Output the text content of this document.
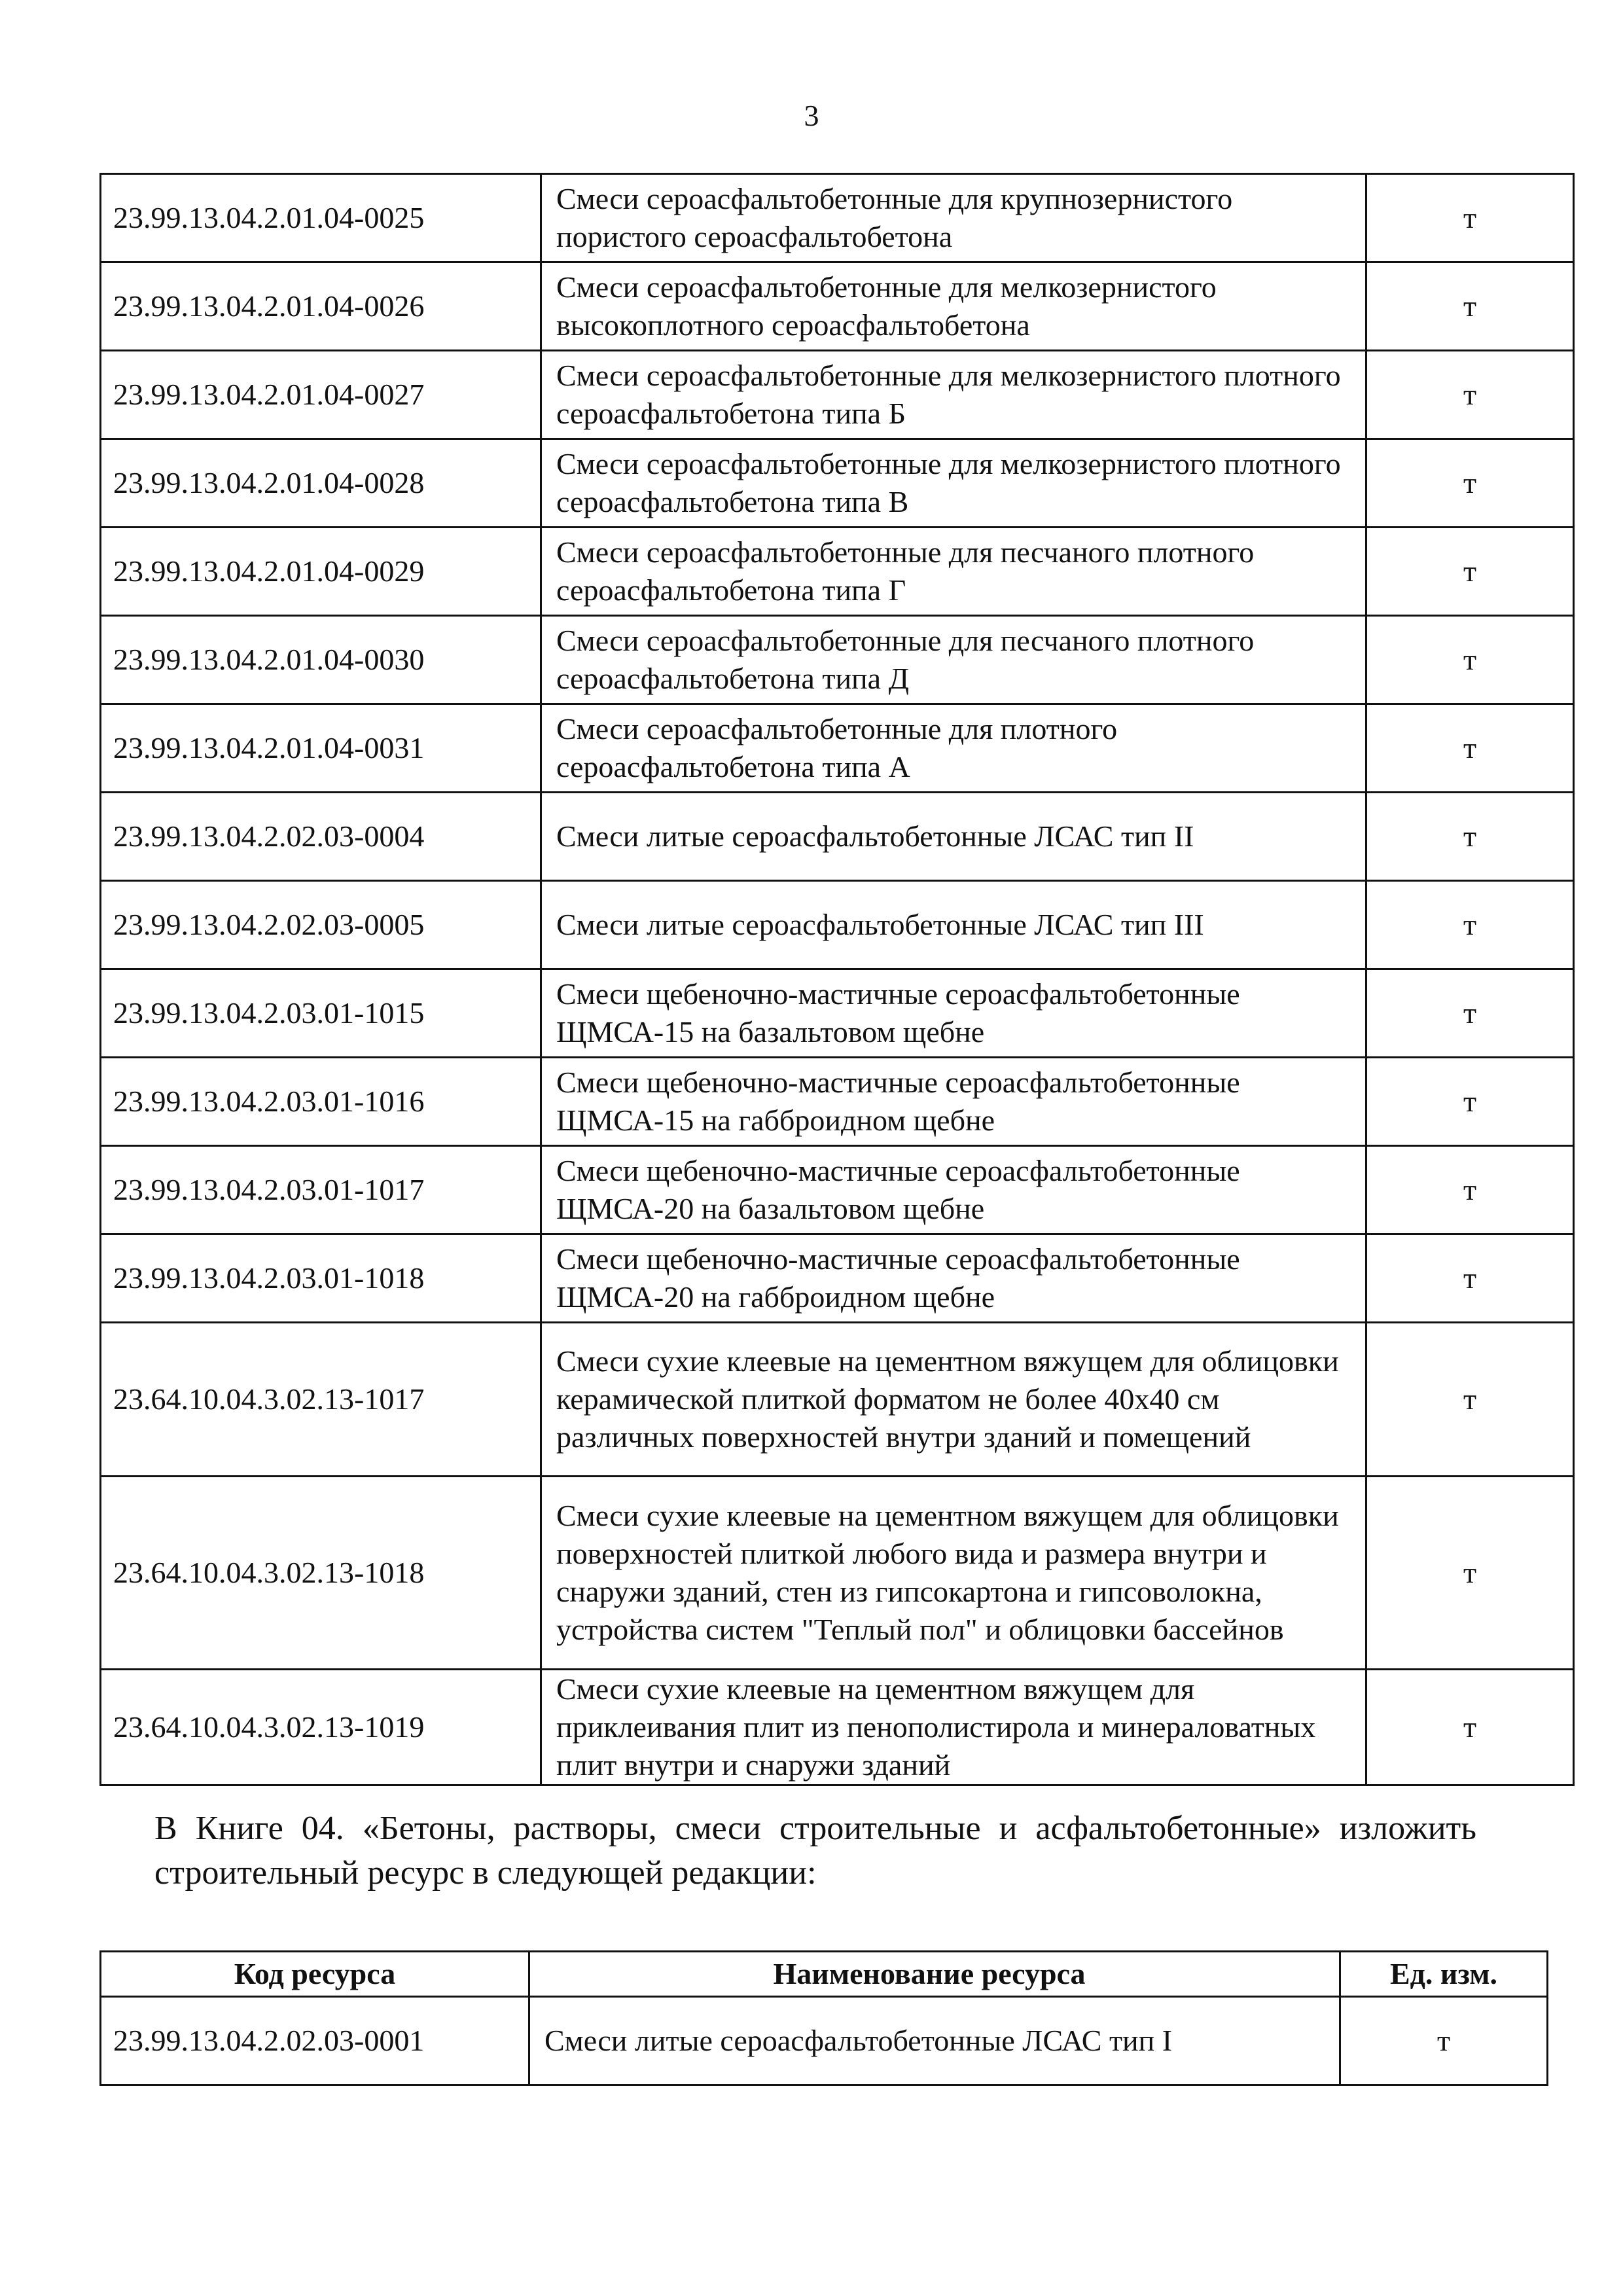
3
23.99.13.04.2.01.04-0025	Смеси сероасфальтобетонные для крупнозернистого пористого сероасфальтобетона	т
23.99.13.04.2.01.04-0026	Смеси сероасфальтобетонные для мелкозернистого высокоплотного сероасфальтобетона	т
23.99.13.04.2.01.04-0027	Смеси сероасфальтобетонные для мелкозернистого плотного сероасфальтобетона типа Б	т
23.99.13.04.2.01.04-0028	Смеси сероасфальтобетонные для мелкозернистого плотного сероасфальтобетона типа В	т
23.99.13.04.2.01.04-0029	Смеси сероасфальтобетонные для песчаного плотного сероасфальтобетона типа Г	т
23.99.13.04.2.01.04-0030	Смеси сероасфальтобетонные для песчаного плотного сероасфальтобетона типа Д	т
23.99.13.04.2.01.04-0031	Смеси сероасфальтобетонные для плотного сероасфальтобетона типа А	т
23.99.13.04.2.02.03-0004	Смеси литые сероасфальтобетонные ЛСАС тип II	т
23.99.13.04.2.02.03-0005	Смеси литые сероасфальтобетонные ЛСАС тип III	т
23.99.13.04.2.03.01-1015	Смеси щебеночно-мастичные сероасфальтобетонные ЩМСА-15 на базальтовом щебне	т
23.99.13.04.2.03.01-1016	Смеси щебеночно-мастичные сероасфальтобетонные ЩМСА-15 на габброидном щебне	т
23.99.13.04.2.03.01-1017	Смеси щебеночно-мастичные сероасфальтобетонные ЩМСА-20 на базальтовом щебне	т
23.99.13.04.2.03.01-1018	Смеси щебеночно-мастичные сероасфальтобетонные ЩМСА-20 на габброидном щебне	т
23.64.10.04.3.02.13-1017	Смеси сухие клеевые на цементном вяжущем для облицовки керамической плиткой форматом не более 40х40 см различных поверхностей внутри зданий и помещений	т
23.64.10.04.3.02.13-1018	Смеси сухие клеевые на цементном вяжущем для облицовки поверхностей плиткой любого вида и размера внутри и снаружи зданий, стен из гипсокартона и гипсоволокна, устройства систем "Теплый пол" и облицовки бассейнов	т
23.64.10.04.3.02.13-1019	Смеси сухие клеевые на цементном вяжущем для приклеивания плит из пенополистирола и минераловатных плит внутри и снаружи зданий	т
В Книге 04. «Бетоны, растворы, смеси строительные и асфальтобетонные» изложить строительный ресурс в следующей редакции:
Код ресурса	Наименование ресурса	Ед. изм.
23.99.13.04.2.02.03-0001	Смеси литые сероасфальтобетонные ЛСАС тип I	т
